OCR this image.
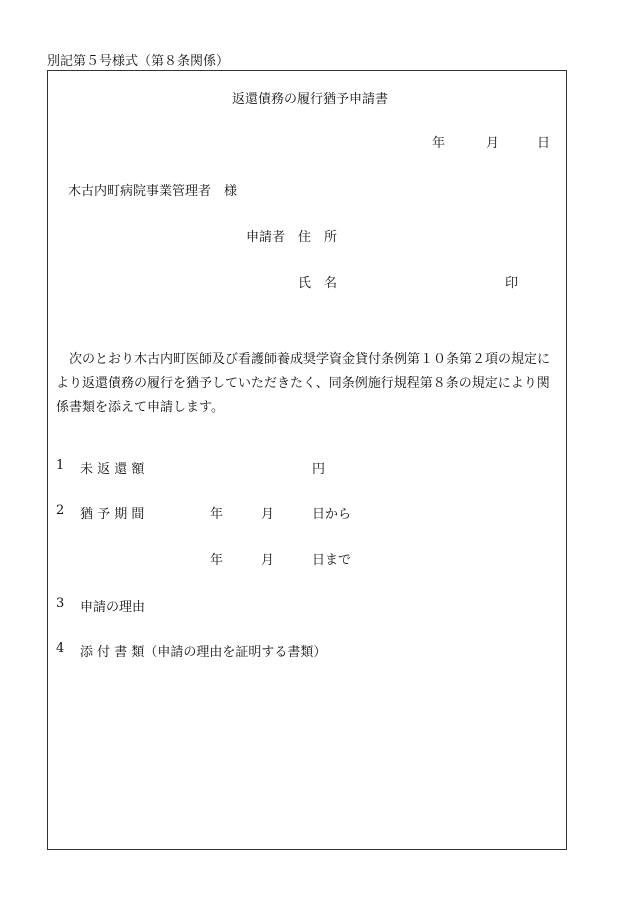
別記第５号様式（第８条関係）
返還債務の履行猶予申請書
年	月	日
木古内町病院事業管理者　様
申請者 住　所
氏　名	印
次のとおり木古内町医師及び看護師養成奨学資金貸付条例第１０条第２項の規定により返還債務の履行を猶予していただきたく、同条例施行規程第８条の規定により関係書類を添えて申請します。
1 未 返 還 額	円
2 猶 予 期 間	年	月	日から
年	月	日まで
3 申請の理由
4 添 付 書 類（申請の理由を証明する書類）
